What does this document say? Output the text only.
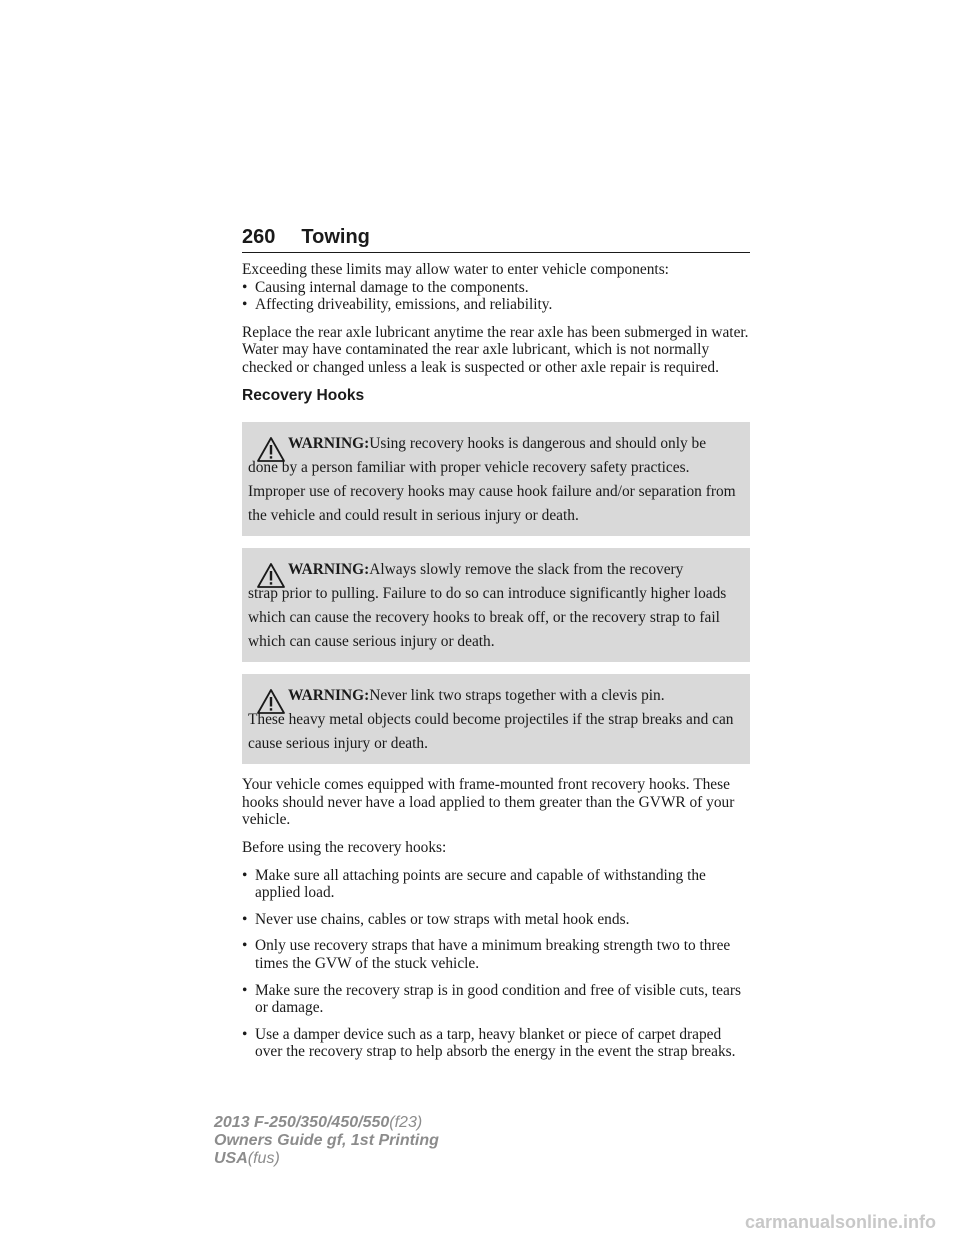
260 Towing
Exceeding these limits may allow water to enter vehicle components:
• Causing internal damage to the components.
• Affecting driveability, emissions, and reliability.

Replace the rear axle lubricant anytime the rear axle has been submerged in water. Water may have contaminated the rear axle lubricant, which is not normally checked or changed unless a leak is suspected or other axle repair is required.

Recovery Hooks
WARNING:Using recovery hooks is dangerous and should only be
done by a person familiar with proper vehicle recovery safety practices. Improper use of recovery hooks may cause hook failure and/or separation from the vehicle and could result in serious injury or death.
WARNING:Always slowly remove the slack from the recovery
strap prior to pulling. Failure to do so can introduce significantly higher loads which can cause the recovery hooks to break off, or the recovery strap to fail which can cause serious injury or death.
WARNING:Never link two straps together with a clevis pin.
These heavy metal objects could become projectiles if the strap breaks and can cause serious injury or death.

Your vehicle comes equipped with frame-mounted front recovery hooks. These hooks should never have a load applied to them greater than the GVWR of your vehicle.

Before using the recovery hooks:

• Make sure all attaching points are secure and capable of withstanding the applied load.
• Never use chains, cables or tow straps with metal hook ends.
• Only use recovery straps that have a minimum breaking strength two to three times the GVW of the stuck vehicle.
• Make sure the recovery strap is in good condition and free of visible cuts, tears or damage.
• Use a damper device such as a tarp, heavy blanket or piece of carpet draped over the recovery strap to help absorb the energy in the event the strap breaks.
2013 F-250/350/450/550(f23)
Owners Guide gf, 1st Printing
USA(fus)
carmanualsonline.info
